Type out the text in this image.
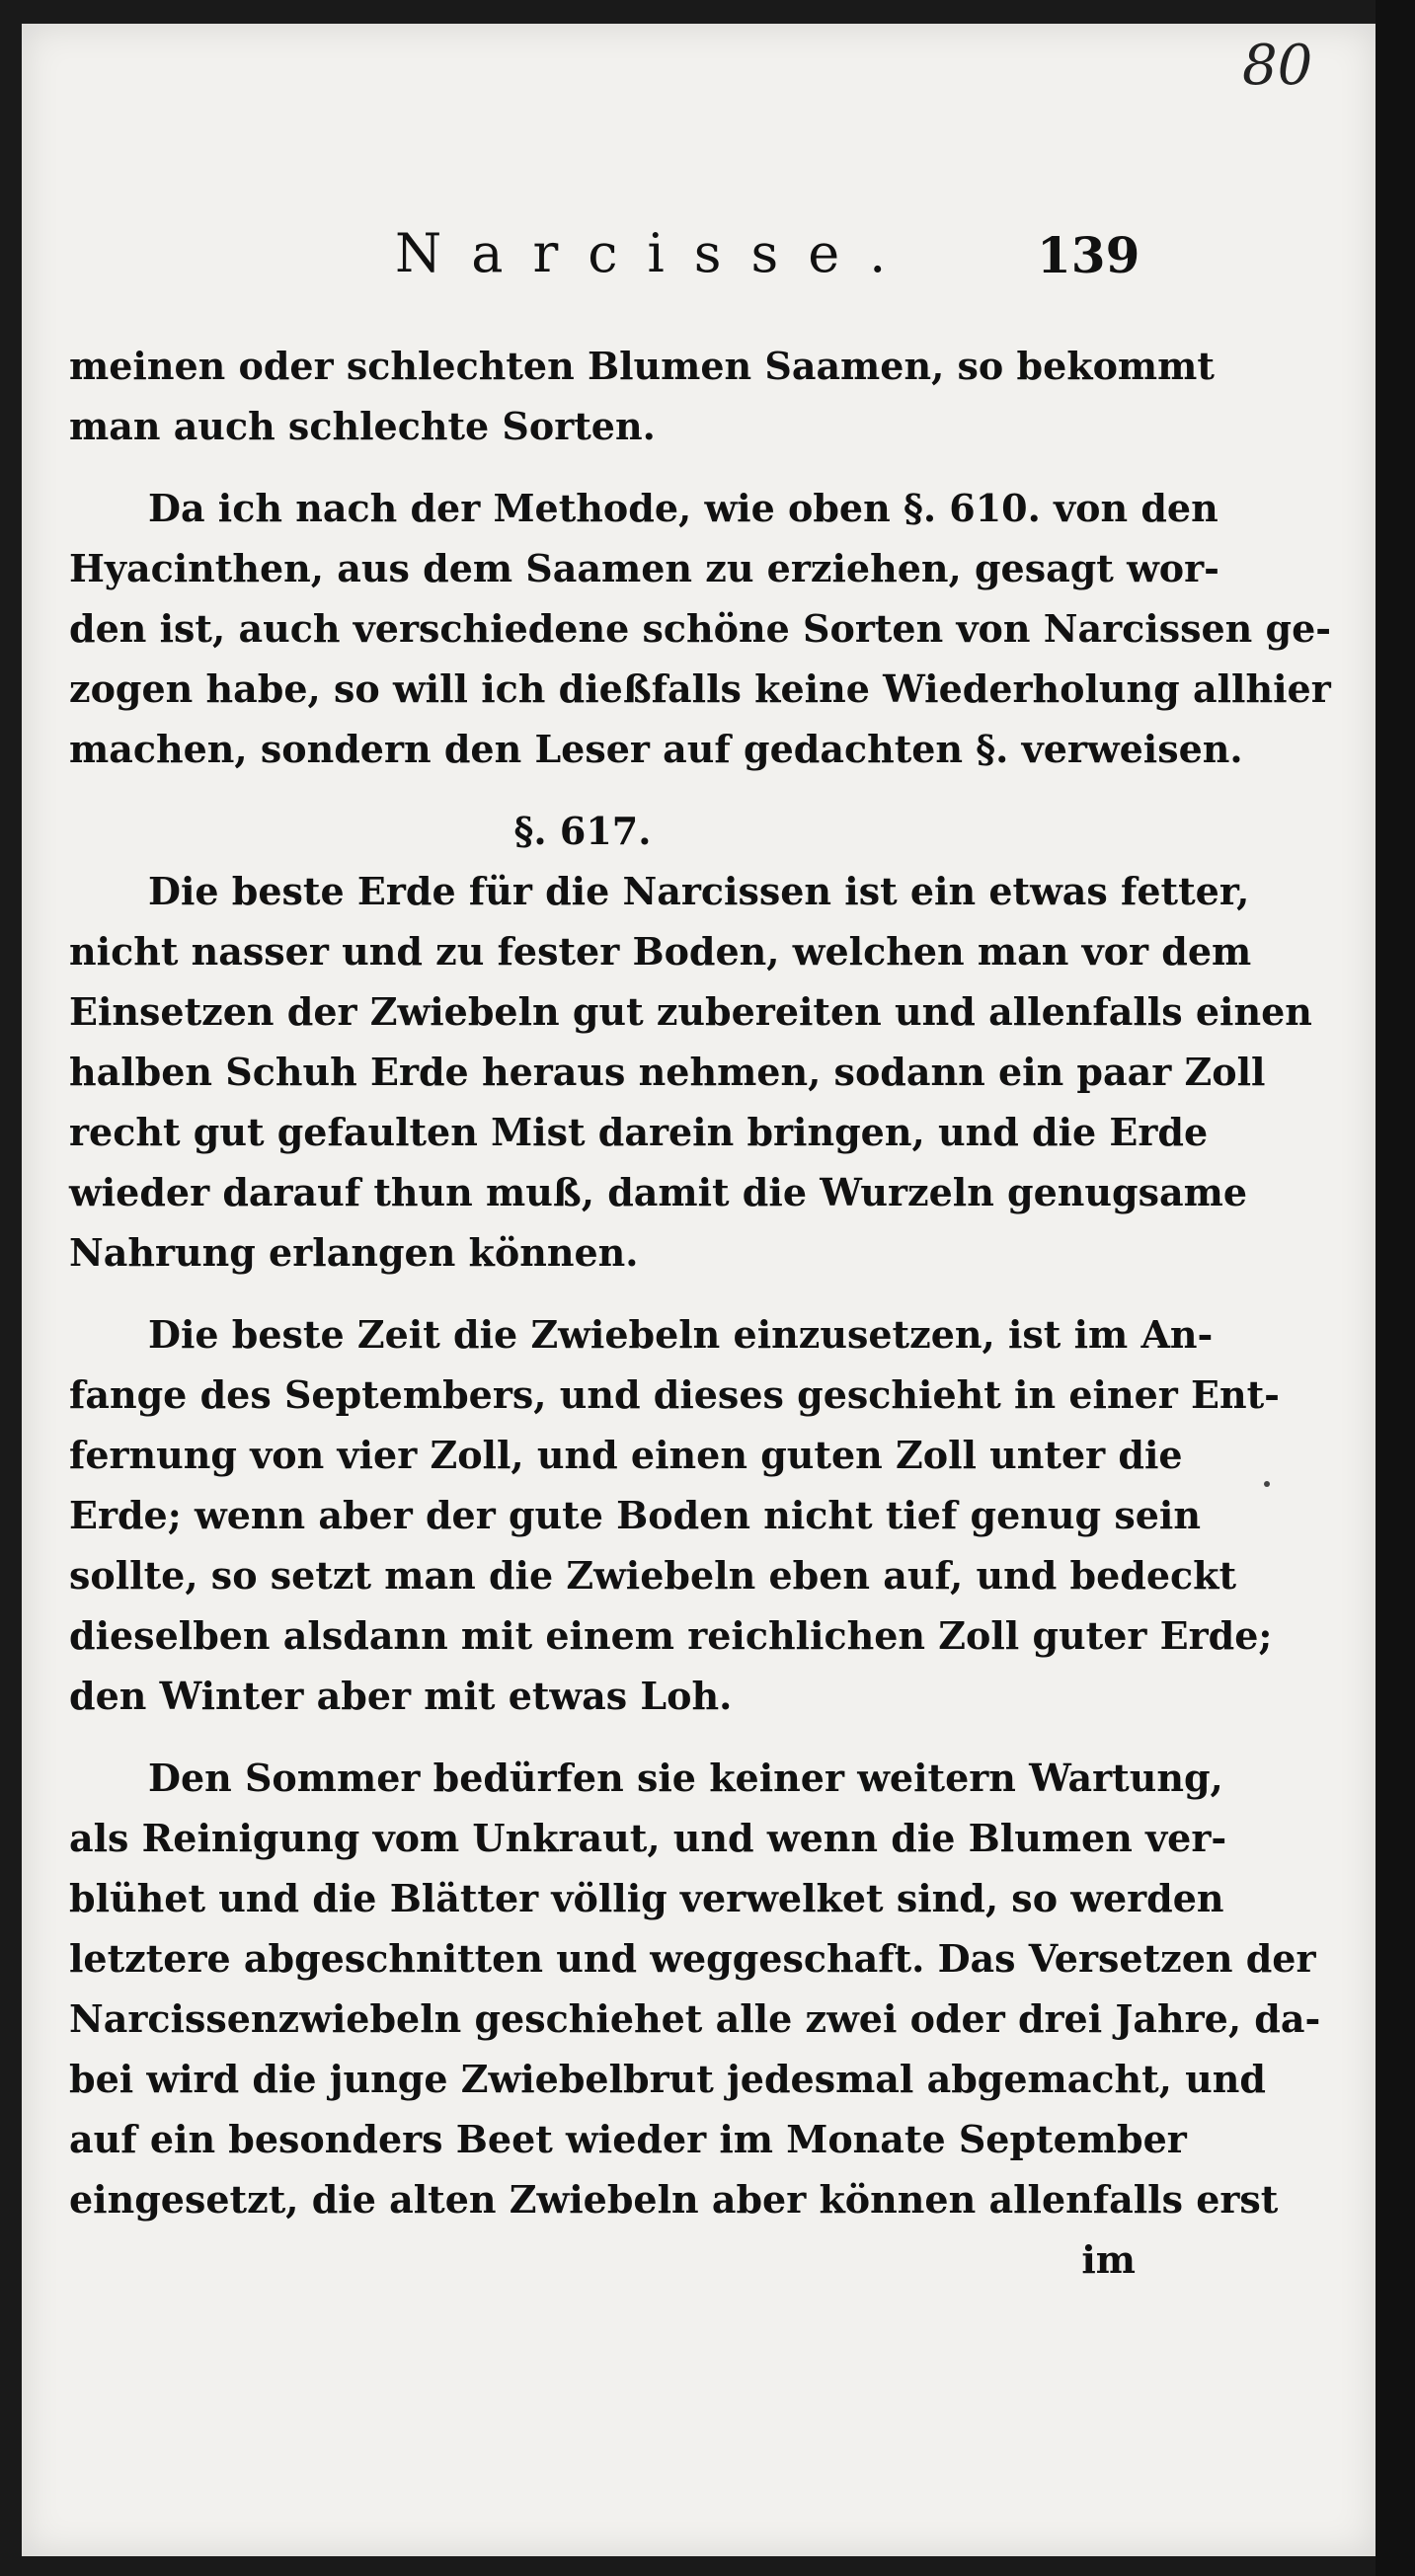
80
Narcisse. 139
meinen oder schlechten Blumen Saamen, so bekommt
man auch schlechte Sorten.
Da ich nach der Methode, wie oben §. 610. von den
Hyacinthen, aus dem Saamen zu erziehen, gesagt wor-
den ist, auch verschiedene schöne Sorten von Narcissen ge-
zogen habe, so will ich dießfalls keine Wiederholung allhier
machen, sondern den Leser auf gedachten §. verweisen.
§. 617.
Die beste Erde für die Narcissen ist ein etwas fetter,
nicht nasser und zu fester Boden, welchen man vor dem
Einsetzen der Zwiebeln gut zubereiten und allenfalls einen
halben Schuh Erde heraus nehmen, sodann ein paar Zoll
recht gut gefaulten Mist darein bringen, und die Erde
wieder darauf thun muß, damit die Wurzeln genugsame
Nahrung erlangen können.
Die beste Zeit die Zwiebeln einzusetzen, ist im An-
fange des Septembers, und dieses geschieht in einer Ent-
fernung von vier Zoll, und einen guten Zoll unter die
Erde; wenn aber der gute Boden nicht tief genug sein
sollte, so setzt man die Zwiebeln eben auf, und bedeckt
dieselben alsdann mit einem reichlichen Zoll guter Erde;
den Winter aber mit etwas Loh.
Den Sommer bedürfen sie keiner weitern Wartung,
als Reinigung vom Unkraut, und wenn die Blumen ver-
blühet und die Blätter völlig verwelket sind, so werden
letztere abgeschnitten und weggeschaft. Das Versetzen der
Narcissenzwiebeln geschiehet alle zwei oder drei Jahre, da-
bei wird die junge Zwiebelbrut jedesmal abgemacht, und
auf ein besonders Beet wieder im Monate September
eingesetzt, die alten Zwiebeln aber können allenfalls erst
im
